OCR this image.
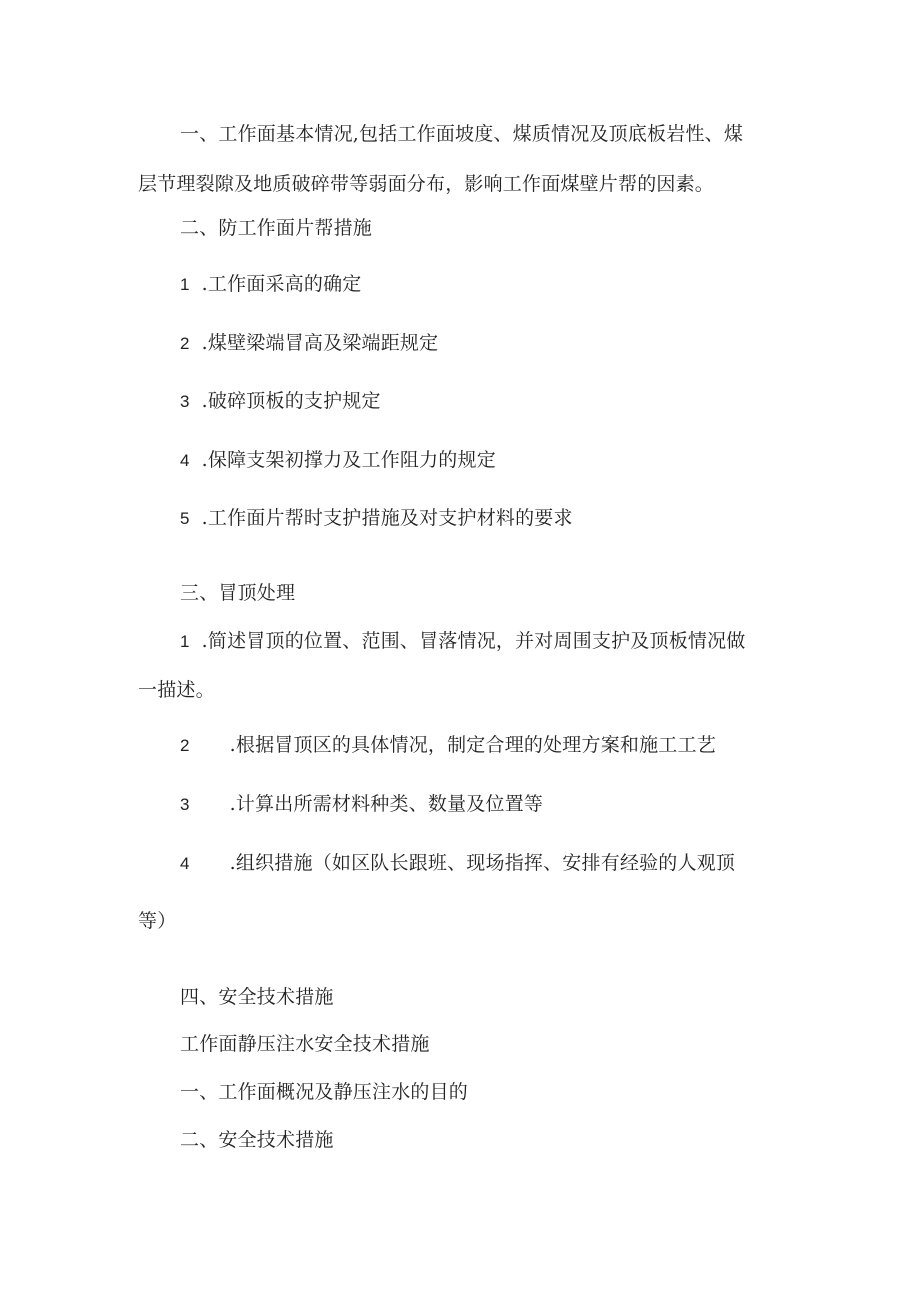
一、工作面基本情况,包括工作面坡度、煤质情况及顶底板岩性、煤
层节理裂隙及地质破碎带等弱面分布，影响工作面煤壁片帮的因素。
二、防工作面片帮措施
1 .工作面采高的确定
2 .煤壁梁端冒高及梁端距规定
3 .破碎顶板的支护规定
4 .保障支架初撑力及工作阻力的规定
5 .工作面片帮时支护措施及对支护材料的要求
三、冒顶处理
1 .简述冒顶的位置、范围、冒落情况，并对周围支护及顶板情况做
一描述。
2 .根据冒顶区的具体情况，制定合理的处理方案和施工工艺
3 .计算出所需材料种类、数量及位置等
4 .组织措施（如区队长跟班、现场指挥、安排有经验的人观顶
等）
四、安全技术措施
工作面静压注水安全技术措施
一、工作面概况及静压注水的目的
二、安全技术措施
